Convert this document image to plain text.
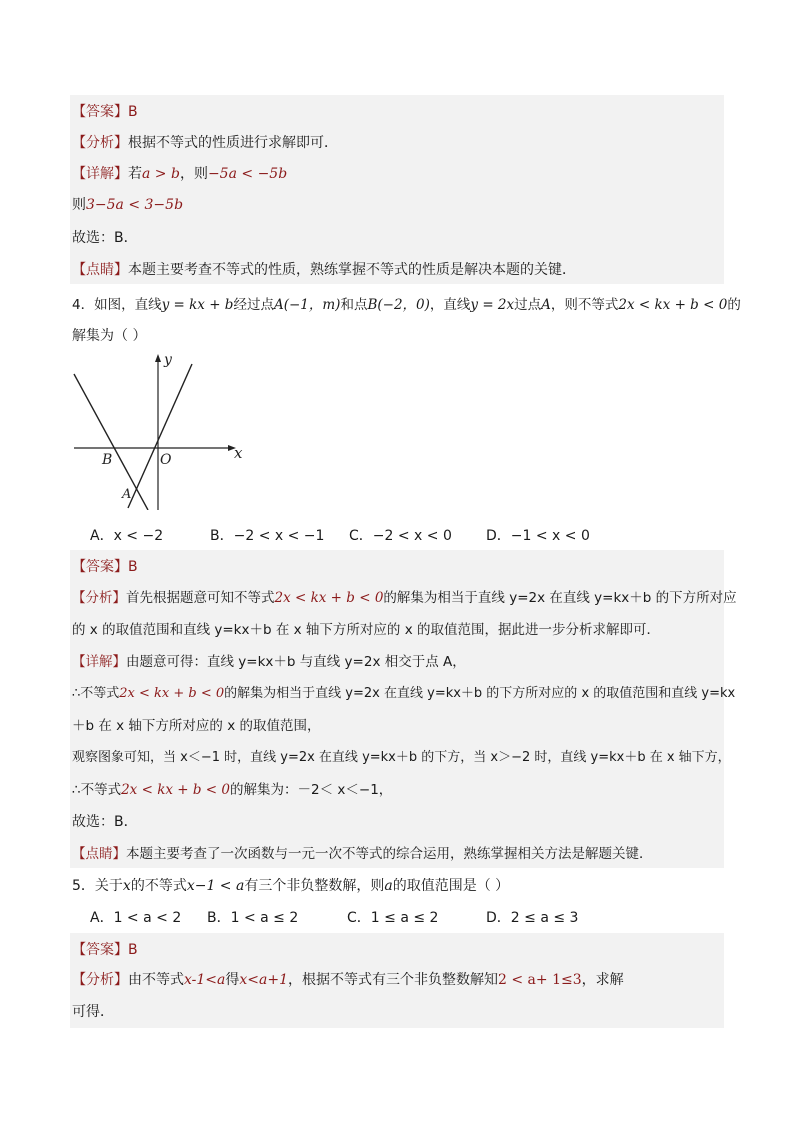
【答案】B
【分析】根据不等式的性质进行求解即可．
【详解】若a > b，则−5a < −5b
则3−5a < 3−5b
故选：B．
【点睛】本题主要考查不等式的性质，熟练掌握不等式的性质是解决本题的关键．
4．如图，直线y = kx + b经过点A(−1，m)和点B(−2，0)，直线y = 2x过点A，则不等式2x < kx + b < 0的
解集为（ ）
y
x
O
B
A
A．x < −2	B．−2 < x < −1 C．−2 < x < 0 D．−1 < x < 0
【答案】B
【分析】首先根据题意可知不等式2x < kx + b < 0的解集为相当于直线 y=2x 在直线 y=kx＋b 的下方所对应
的 x 的取值范围和直线 y=kx＋b 在 x 轴下方所对应的 x 的取值范围，据此进一步分析求解即可．
【详解】由题意可得：直线 y=kx＋b 与直线 y=2x 相交于点 A，
∴不等式2x < kx + b < 0的解集为相当于直线 y=2x 在直线 y=kx＋b 的下方所对应的 x 的取值范围和直线 y=kx
＋b 在 x 轴下方所对应的 x 的取值范围，
观察图象可知，当 x＜−1 时，直线 y=2x 在直线 y=kx＋b 的下方，当 x＞−2 时，直线 y=kx＋b 在 x 轴下方，
∴不等式2x < kx + b < 0的解集为：－2＜ x＜−1，
故选：B．
【点睛】本题主要考查了一次函数与一元一次不等式的综合运用，熟练掌握相关方法是解题关键．
5．关于x的不等式x−1 < a有三个非负整数解，则a的取值范围是（ ）
A．1 < a < 2 B．1 < a ≤ 2	C．1 ≤ a ≤ 2	D．2 ≤ a ≤ 3
【答案】B
【分析】由不等式x-1<a得x<a+1，根据不等式有三个非负整数解知2 < a+ 1≤3，求解
可得．
